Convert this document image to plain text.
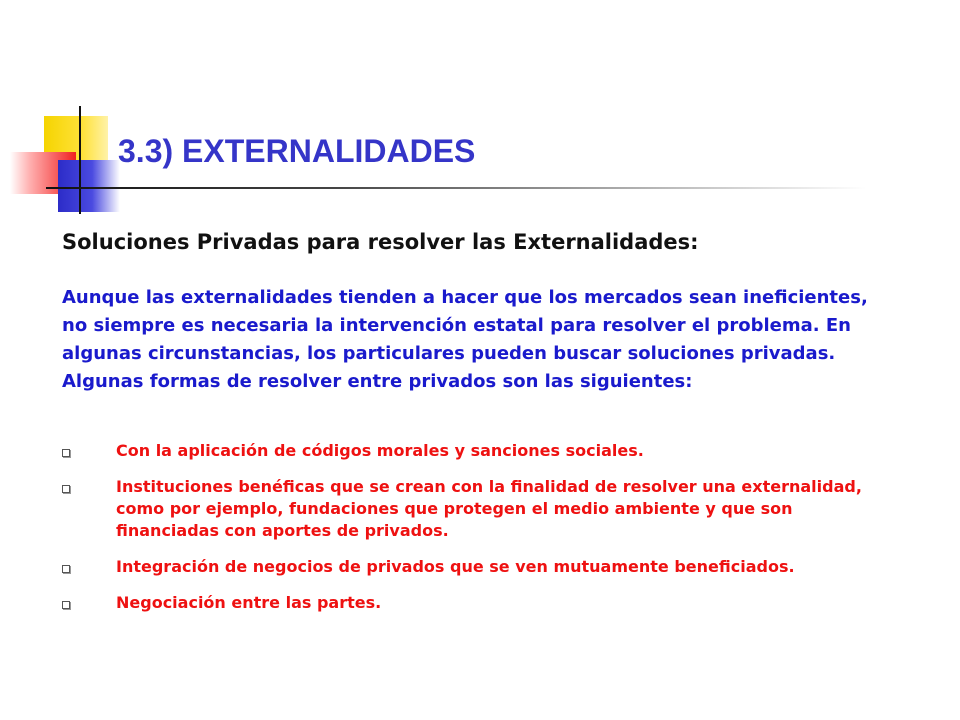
3.3) EXTERNALIDADES
Soluciones Privadas para resolver las Externalidades:

Aunque las externalidades tienden a hacer que los mercados sean ineficientes, no siempre es necesaria la intervención estatal para resolver el problema. En algunas circunstancias, los particulares pueden buscar soluciones privadas. Algunas formas de resolver entre privados son las siguientes:

Con la aplicación de códigos morales y sanciones sociales.
Instituciones benéficas que se crean con la finalidad de resolver una externalidad, como por ejemplo, fundaciones que protegen el medio ambiente y que son financiadas con aportes de privados.
Integración de negocios de privados que se ven mutuamente beneficiados.
Negociación entre las partes.
